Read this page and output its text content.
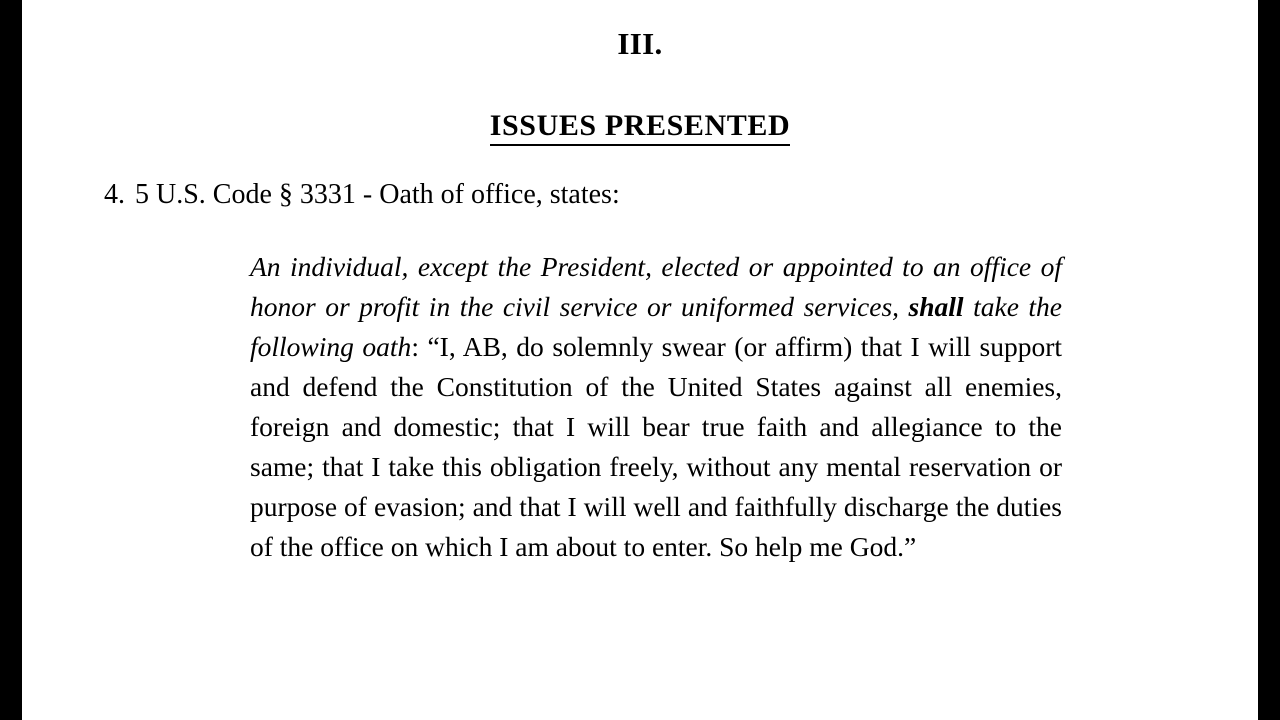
III.
ISSUES PRESENTED
4. 5 U.S. Code § 3331 - Oath of office, states:
An individual, except the President, elected or appointed to an office of honor or profit in the civil service or uniformed services, shall take the following oath: “I, AB, do solemnly swear (or affirm) that I will support and defend the Constitution of the United States against all enemies, foreign and domestic; that I will bear true faith and allegiance to the same; that I take this obligation freely, without any mental reservation or purpose of evasion; and that I will well and faithfully discharge the duties of the office on which I am about to enter. So help me God.”
